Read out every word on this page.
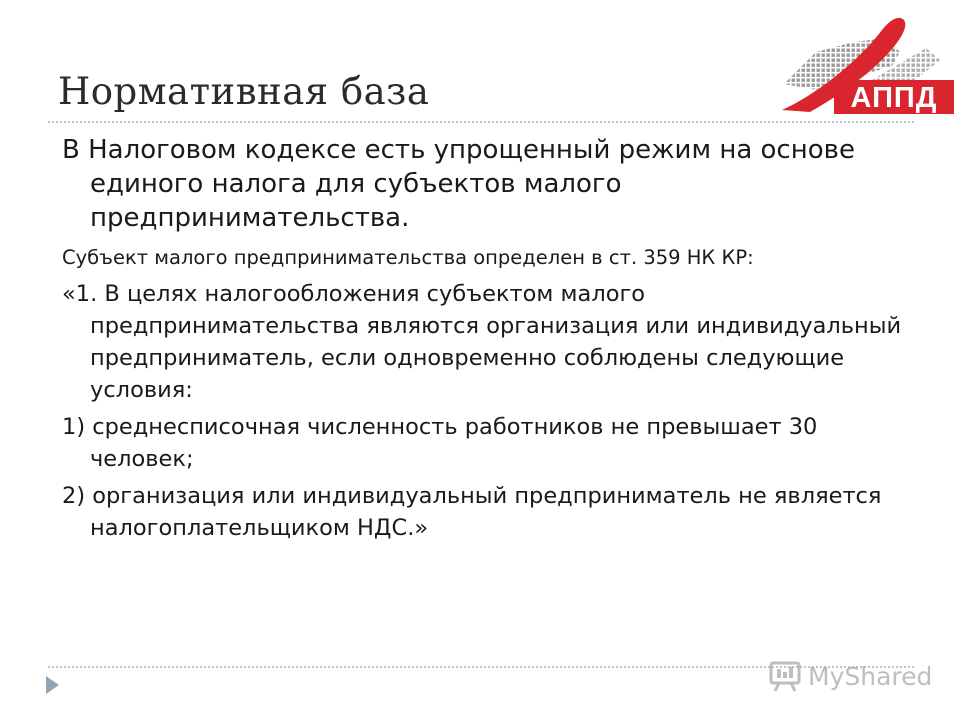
Нормативная база	АППД

В Налоговом кодексе есть упрощенный режим на основе единого налога для субъектов малого предпринимательства.

Субъект малого предпринимательства определен в ст. 359 НК КР:

«1. В целях налогообложения субъектом малого предпринимательства являются организация или индивидуальный предприниматель, если одновременно соблюдены следующие условия:

1) среднесписочная численность работников не превышает 30 человек;

2) организация или индивидуальный предприниматель не является налогоплательщиком НДС.»

MyShared
